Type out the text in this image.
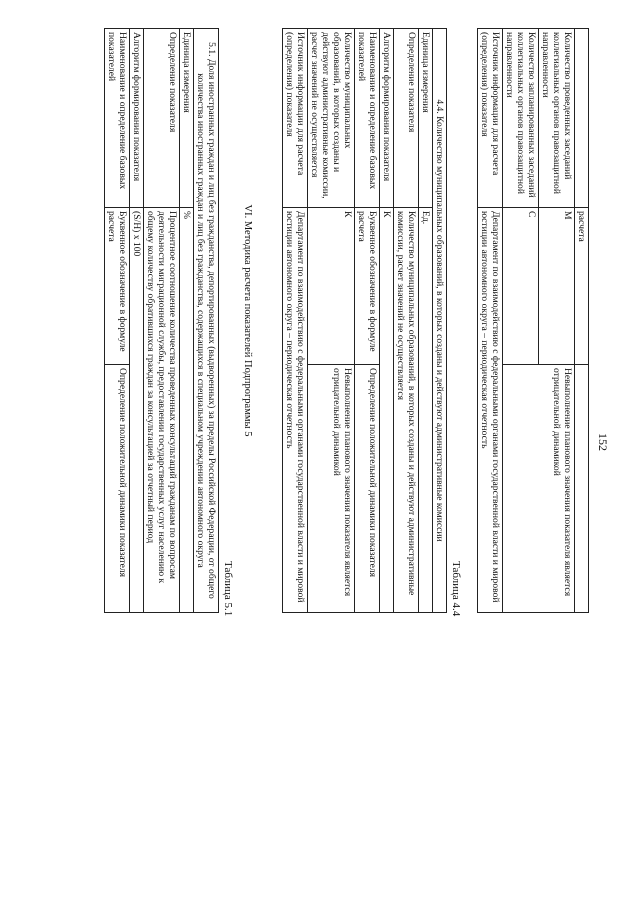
152
	расчета	
Количество проведенных заседаний коллегиальных органов правозащитной направленности	М	Невыполнение планового значения показателя является отрицательной динамикой
Количество запланированных заседаний коллегиальных органов правозащитной направленности	С	
Источник информации для расчета (определения) показателя	Департамент по взаимодействию с федеральными органами государственной власти и мировой юстиции автономного округа – периодическая отчетность	
Таблица 4.4
4.4. Количество муниципальных образований, в которых созданы и действуют административные комиссии		
Единица измерения	Ед.	
Определение показателя	Количество муниципальных образований, в которых созданы и действуют административные комиссии, расчет значений не осуществляется	
Алгоритм формирования показателя	К	
Наименование и определение базовых показателей	Буквенное обозначение в формуле расчета	Определение положительной динамики показателя
Количество муниципальных образований, в которых созданы и действуют административные комиссии, расчет значений не осуществляется	К	Невыполнение планового значения показателя является отрицательной динамикой
Источник информации для расчета (определения) показателя	Департамент по взаимодействию с федеральными органами государственной власти и мировой юстиции автономного округа – периодическая отчетность	
VI. Методика расчета показателей Подпрограммы 5
Таблица 5.1
5.1. Доля иностранных граждан и лиц без гражданства, депортированных (выдворенных) за пределы Российской Федерации, от общего количества иностранных граждан и лиц без гражданства, содержащихся в специальном учреждении автономного округа		
Единица измерения	%	
Определение показателя	Процентное соотношение количества проведенных консультаций гражданам по вопросам деятельности миграционной службы, предоставлении государственных услуг населению к общему количеству обратившихся граждан за консультацией за отчетный период	
Алгоритм формирования показателя	(S/Н) x 100	
Наименование и определение базовых показателей	Буквенное обозначение в формуле расчета	Определение положительной динамики показателя
